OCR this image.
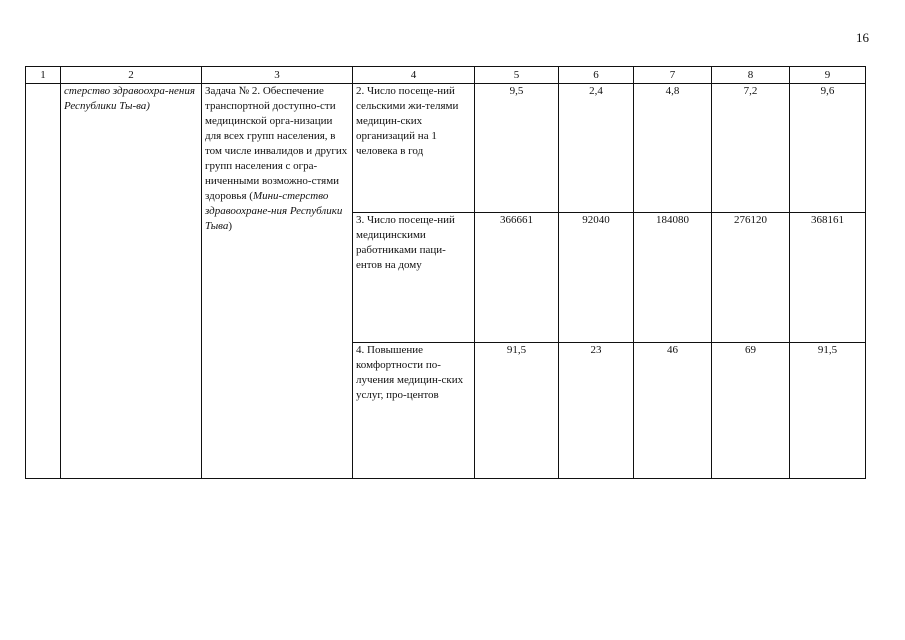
16
1	2	3	4	5	6	7	8	9
	стерство здравоохра-нения Республики Ты-ва)	Задача № 2. Обеспечение транспортной доступно-сти медицинской орга-низации для всех групп населения, в том числе инвалидов и других групп населения с огра-ниченными возможно-стями здоровья (Мини-стерство здравоохране-ния Республики Тыва)	2. Число посеще-ний сельскими жи-телями медицин-ских организаций на 1 человека в год	9,5	2,4	4,8	7,2	9,6
			3. Число посеще-ний медицинскими работниками паци-ентов на дому	366661	92040	184080	276120	368161
			4. Повышение комфортности по-лучения медицин-ских услуг, про-центов	91,5	23	46	69	91,5
